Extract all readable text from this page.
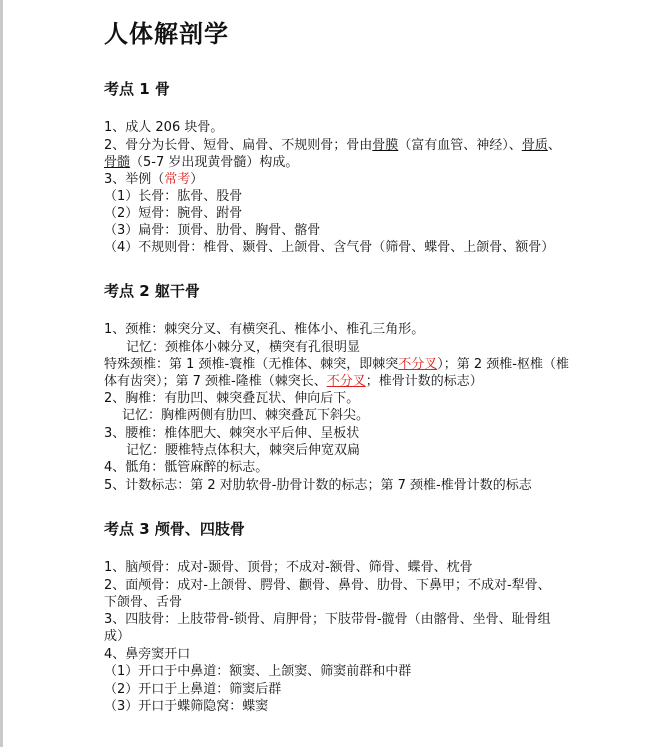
人体解剖学
考点 1 骨
1、成人 206 块骨。
2、骨分为长骨、短骨、扁骨、不规则骨；骨由骨膜（富有血管、神经）、骨质、
骨髓（5-7 岁出现黄骨髓）构成。
3、举例（常考）
（1）长骨：肱骨、股骨
（2）短骨：腕骨、跗骨
（3）扁骨：顶骨、肋骨、胸骨、髂骨
（4）不规则骨：椎骨、颞骨、上颌骨、含气骨（筛骨、蝶骨、上颌骨、额骨）
考点 2 躯干骨
1、颈椎：棘突分叉、有横突孔、椎体小、椎孔三角形。
记忆：颈椎体小棘分叉，横突有孔很明显
特殊颈椎：第 1 颈椎-寰椎（无椎体、棘突，即棘突不分叉）；第 2 颈椎-枢椎（椎
体有齿突）；第 7 颈椎-隆椎（棘突长、不分叉；椎骨计数的标志）
2、胸椎：有肋凹、棘突叠瓦状、伸向后下。
记忆：胸椎两侧有肋凹、棘突叠瓦下斜尖。
3、腰椎：椎体肥大、棘突水平后伸、呈板状
记忆：腰椎特点体积大，棘突后伸宽双扁
4、骶角：骶管麻醉的标志。
5、计数标志：第 2 对肋软骨-肋骨计数的标志；第 7 颈椎-椎骨计数的标志
考点 3 颅骨、四肢骨
1、脑颅骨：成对-颞骨、顶骨；不成对-额骨、筛骨、蝶骨、枕骨
2、面颅骨：成对-上颌骨、腭骨、颧骨、鼻骨、肋骨、下鼻甲；不成对-犁骨、
下颌骨、舌骨
3、四肢骨：上肢带骨-锁骨、肩胛骨；下肢带骨-髋骨（由髂骨、坐骨、耻骨组
成）
4、鼻旁窦开口
（1）开口于中鼻道：额窦、上颌窦、筛窦前群和中群
（2）开口于上鼻道：筛窦后群
（3）开口于蝶筛隐窝：蝶窦
